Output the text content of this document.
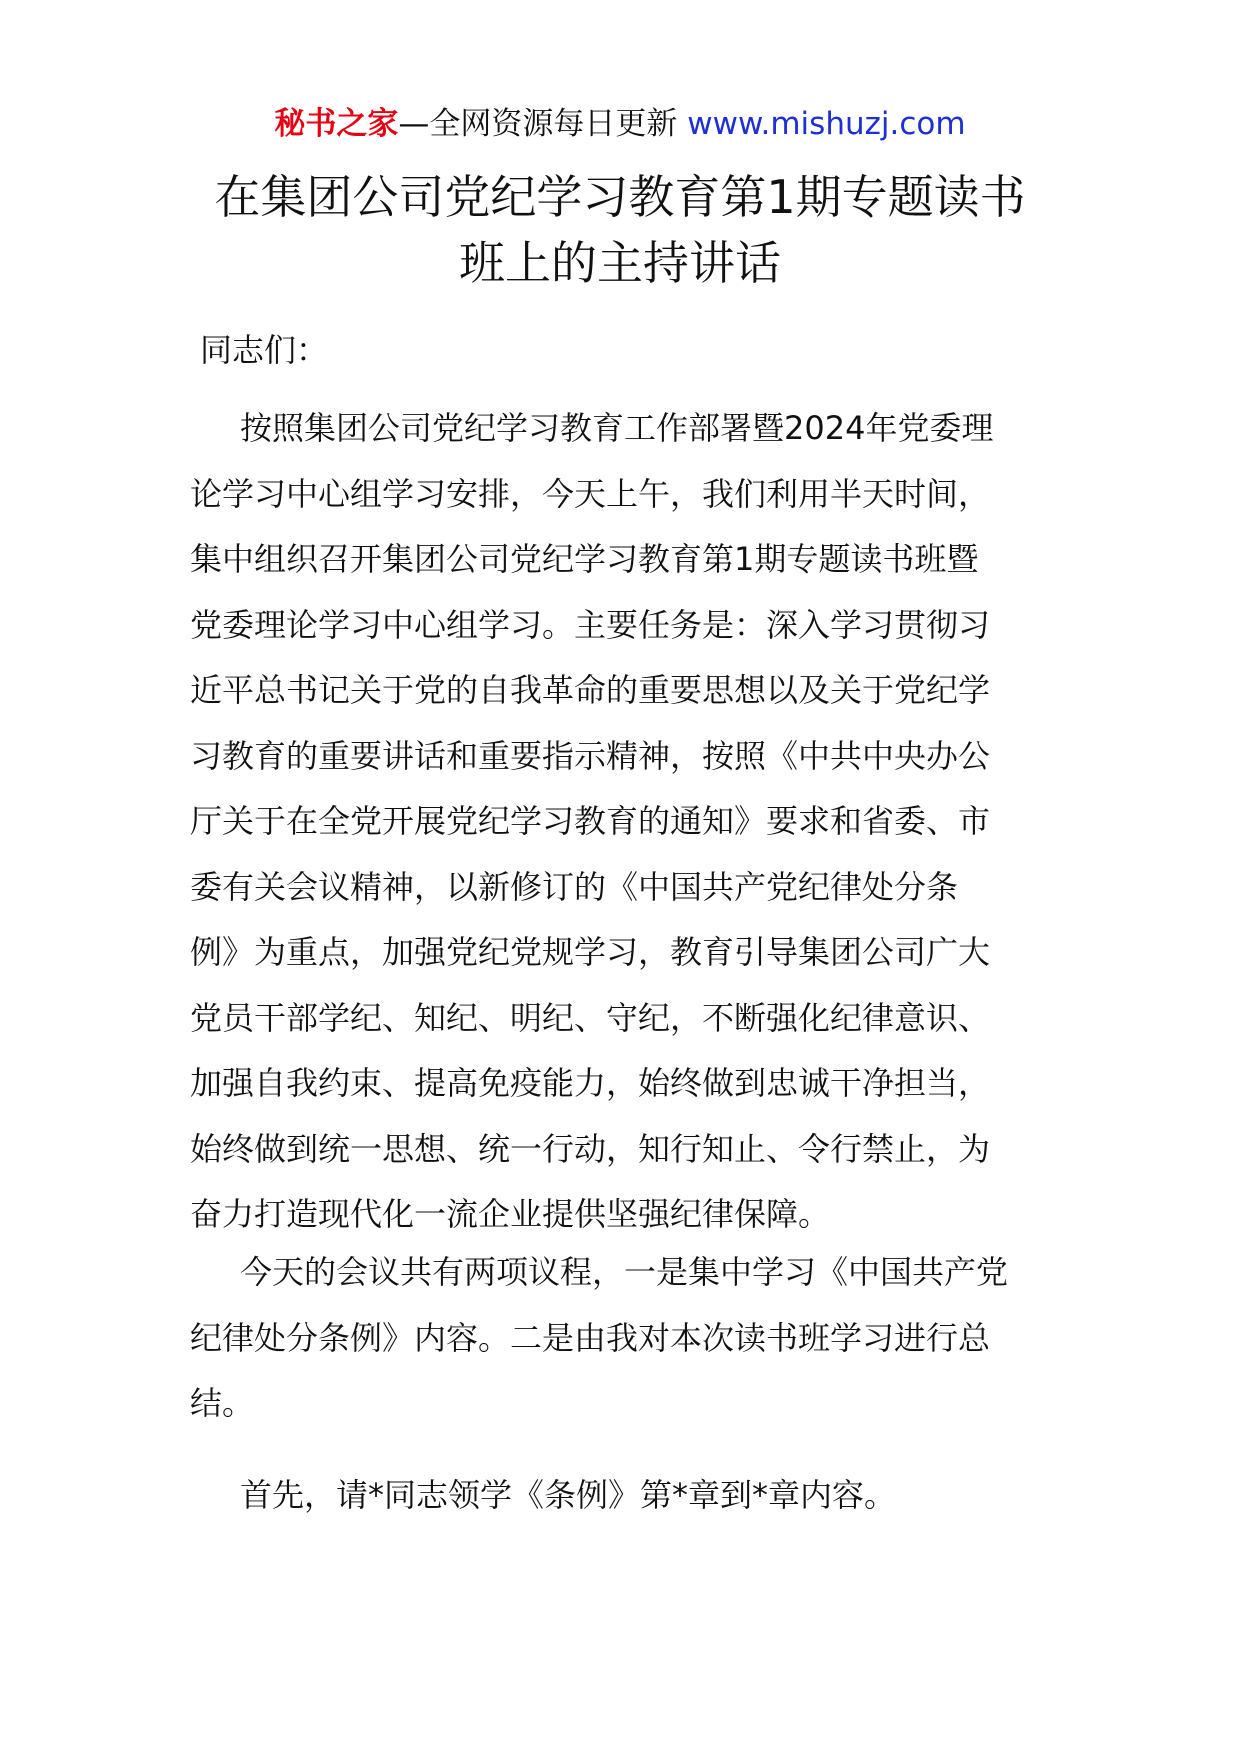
秘书之家—全网资源每日更新 www.mishuzj.com
在集团公司党纪学习教育第1期专题读书
班上的主持讲话
同志们：
按照集团公司党纪学习教育工作部署暨2024年党委理
论学习中心组学习安排，今天上午，我们利用半天时间，
集中组织召开集团公司党纪学习教育第1期专题读书班暨
党委理论学习中心组学习。主要任务是：深入学习贯彻习
近平总书记关于党的自我革命的重要思想以及关于党纪学
习教育的重要讲话和重要指示精神，按照《中共中央办公
厅关于在全党开展党纪学习教育的通知》要求和省委、市
委有关会议精神，以新修订的《中国共产党纪律处分条
例》为重点，加强党纪党规学习，教育引导集团公司广大
党员干部学纪、知纪、明纪、守纪，不断强化纪律意识、
加强自我约束、提高免疫能力，始终做到忠诚干净担当，
始终做到统一思想、统一行动，知行知止、令行禁止，为
奋力打造现代化一流企业提供坚强纪律保障。
今天的会议共有两项议程，一是集中学习《中国共产党
纪律处分条例》内容。二是由我对本次读书班学习进行总
结。
首先，请*同志领学《条例》第*章到*章内容。
